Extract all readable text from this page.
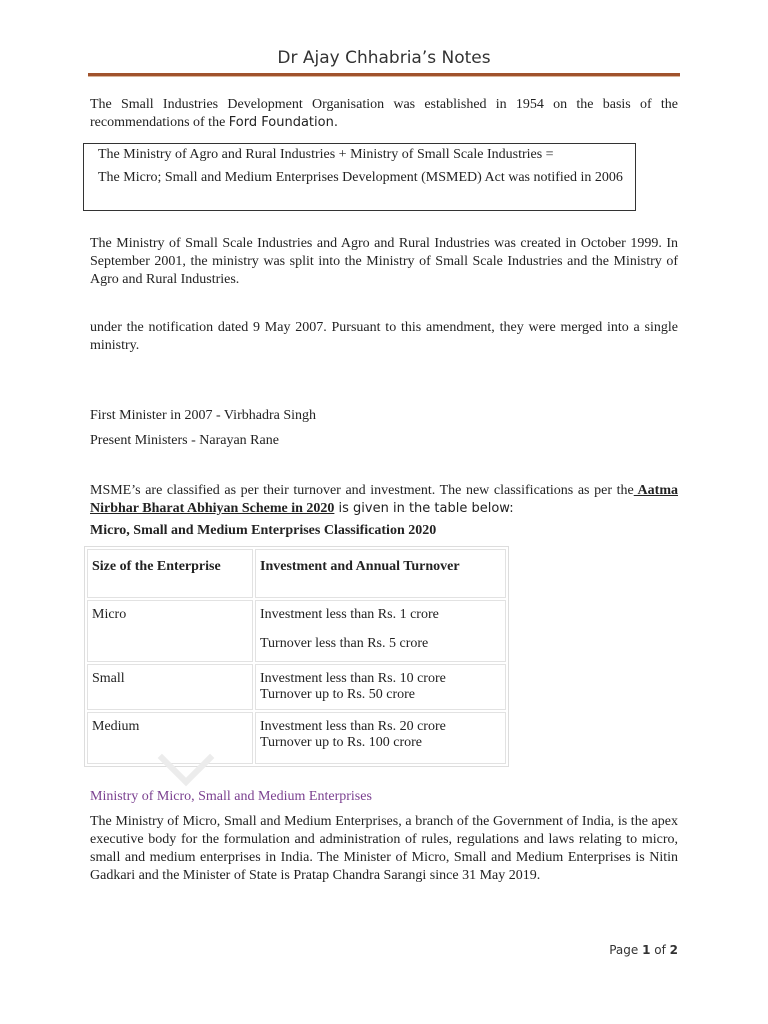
Dr Ajay Chhabria’s Notes
The Small Industries Development Organisation was established in 1954 on the basis of the recommendations of the Ford Foundation.

The Ministry of Agro and Rural Industries + Ministry of Small Scale Industries =

The Micro; Small and Medium Enterprises Development (MSMED) Act was notified in 2006

The Ministry of Small Scale Industries and Agro and Rural Industries was created in October 1999. In September 2001, the ministry was split into the Ministry of Small Scale Industries and the Ministry of Agro and Rural Industries.
under the notification dated 9 May 2007. Pursuant to this amendment, they were merged into a single ministry.
First Minister in 2007 - Virbhadra Singh
Present Ministers - Narayan Rane
MSME’s are classified as per their turnover and investment. The new classifications as per the Aatma Nirbhar Bharat Abhiyan Scheme in 2020 is given in the table below:
Micro, Small and Medium Enterprises Classification 2020
Size of the Enterprise	Investment and Annual Turnover
Micro	Investment less than Rs. 1 crore

Turnover less than Rs. 5 crore

Small	Investment less than Rs. 10 crore

Turnover up to Rs. 50 crore

Medium	Investment less than Rs. 20 crore

Turnover up to Rs. 100 crore

Ministry of Micro, Small and Medium Enterprises
The Ministry of Micro, Small and Medium Enterprises, a branch of the Government of India, is the apex executive body for the formulation and administration of rules, regulations and laws relating to micro, small and medium enterprises in India. The Minister of Micro, Small and Medium Enterprises is Nitin Gadkari and the Minister of State is Pratap Chandra Sarangi since 31 May 2019.
Page 1 of 2
